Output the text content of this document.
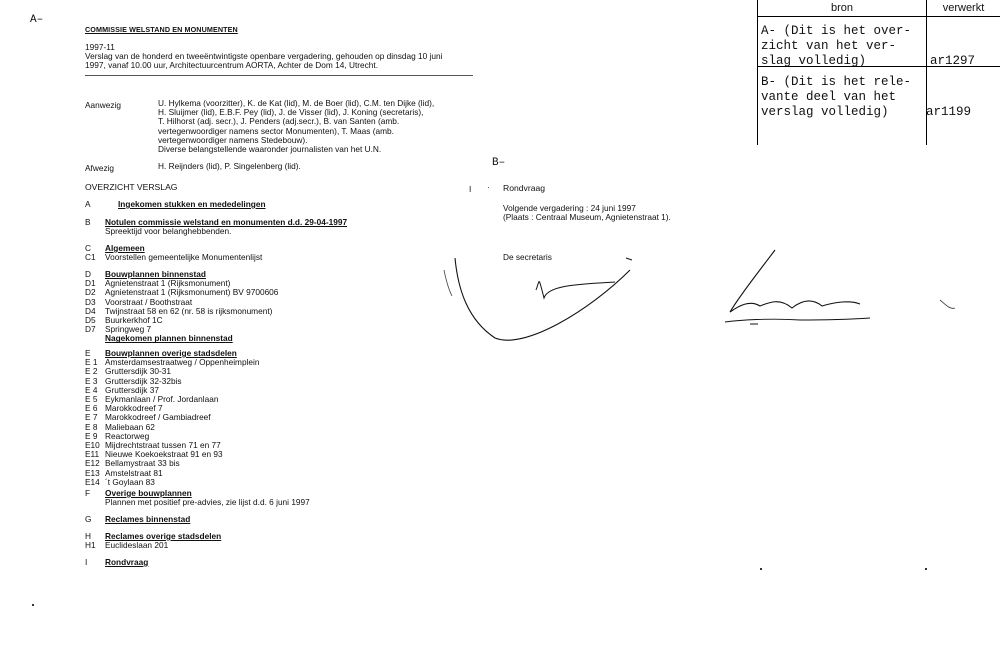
A–
COMMISSIE WELSTAND EN MONUMENTEN
1997-11
Verslag van de honderd en tweeëntwintigste openbare vergadering, gehouden op dinsdag 10 juni
1997, vanaf 10.00 uur, Architectuurcentrum AORTA, Achter de Dom 14, Utrecht.
Aanwezig	U. Hylkema (voorzitter), K. de Kat (lid), M. de Boer (lid), C.M. ten Dijke (lid),
H. Sluijmer (lid), E.B.F. Pey (lid), J. de Visser (lid), J. Koning (secretaris),
T. Hilhorst (adj. secr.), J. Penders (adj.secr.), B. van Santen (amb.
vertegenwoordiger namens sector Monumenten), T. Maas (amb.
vertegenwoordiger namens Stedebouw).
Diverse belangstellende waaronder journalisten van het U.N.
Afwezig	H. Reijnders (lid), P. Singelenberg (lid).
OVERZICHT VERSLAG
A	Ingekomen stukken en mededelingen
B Notulen commissie welstand en monumenten d.d. 29-04-1997
Spreektijd voor belanghebbenden.
C Algemeen
C1 Voorstellen gemeentelijke Monumentenlijst
D Bouwplannen binnenstad
D1 Agnietenstraat 1 (Rijksmonument)
D2 Agnietenstraat 1 (Rijksmonument) BV 9700606
D3 Voorstraat / Boothstraat
D4 Twijnstraat 58 en 62 (nr. 58 is rijksmonument)
D5 Buurkerkhof 1C
D7 Springweg 7
Nagekomen plannen binnenstad
E Bouwplannen overige stadsdelen
E 1 Amsterdamsestraatweg / Oppenheimplein
E 2 Gruttersdijk 30-31
E 3 Gruttersdijk 32-32bis
E 4 Gruttersdijk 37
E 5 Eykmanlaan / Prof. Jordanlaan
E 6 Marokkodreef 7
E 7 Marokkodreef / Gambiadreef
E 8 Maliebaan 62
E 9 Reactorweg
E10 Mijdrechtstraat tussen 71 en 77
E11 Nieuwe Koekoekstraat 91 en 93
E12 Bellamystraat 33 bis
E13 Amstelstraat 81
E14 ´t Goylaan 83
F Overige bouwplannen
Plannen met positief pre-advies, zie lijst d.d. 6 juni 1997
G Reclames binnenstad
H Reclames overige stadsdelen
H1 Euclideslaan 201
I Rondvraag
B–
I · Rondvraag
Volgende vergadering : 24 juni 1997
(Plaats : Centraal Museum, Agnietenstraat 1).
De secretaris
bron	verwerkt
A- (Dit is het over-
zicht van het ver-
slag volledig)	ar1297
B- (Dit is het rele-
vante deel van het
verslag volledig)	ar1199
